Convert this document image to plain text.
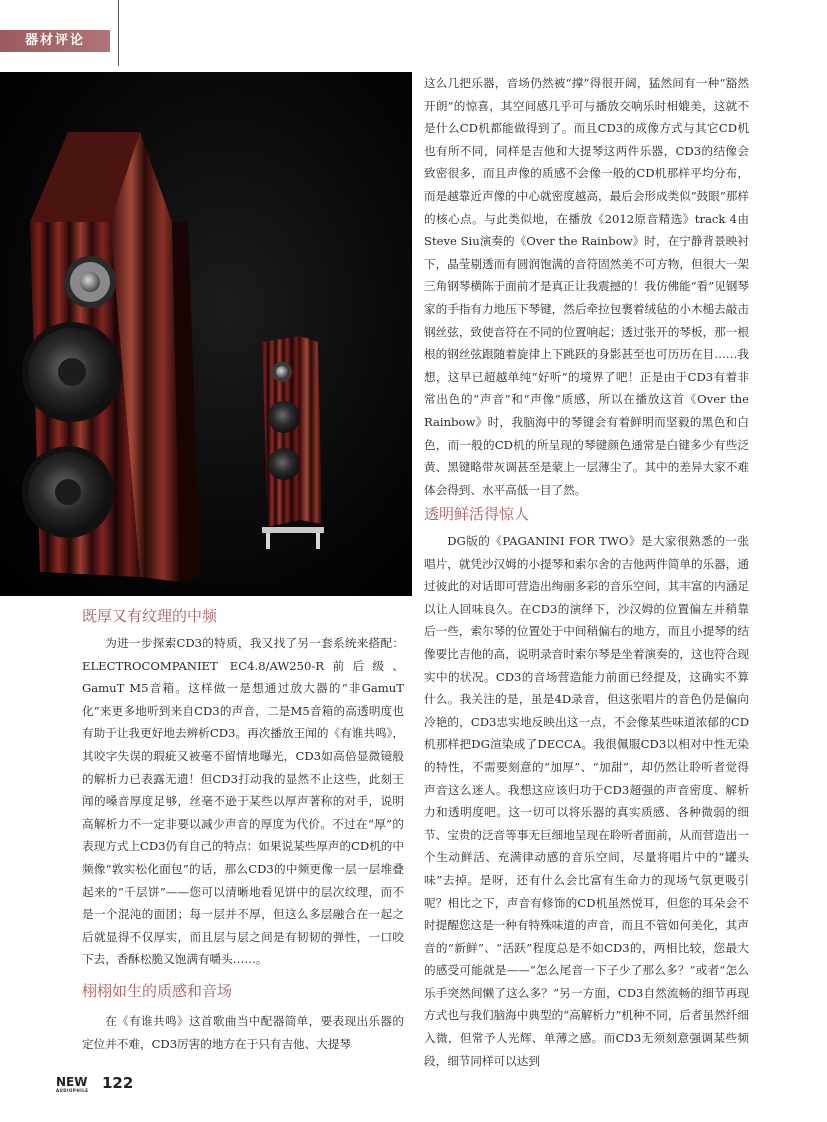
器材评论
既厚又有纹理的中频

为进一步探索CD3的特质，我又找了另一套系统来搭配：ELECTROCOMPANIET EC4.8/AW250-R前后级、GamuT M5音箱。这样做一是想通过放大器的“非GamuT化”来更多地听到来自CD3的声音，二是M5音箱的高透明度也有助于让我更好地去辨析CD3。再次播放王闻的《有谁共鸣》，其咬字失误的瑕疵又被毫不留情地曝光，CD3如高倍显微镜般的解析力已表露无遗！但CD3打动我的显然不止这些，此刻王闻的嗓音厚度足够，丝毫不逊于某些以厚声著称的对手，说明高解析力不一定非要以减少声音的厚度为代价。不过在“厚”的表现方式上CD3仍有自己的特点：如果说某些厚声的CD机的中频像“敦实松化面包”的话，那么CD3的中频更像一层一层堆叠起来的“千层饼”——您可以清晰地看见饼中的层次纹理，而不是一个混沌的面团；每一层并不厚，但这么多层融合在一起之后就显得不仅厚实，而且层与层之间是有韧韧的弹性，一口咬下去，香酥松脆又饱满有嚼头……。

栩栩如生的质感和音场

在《有谁共鸣》这首歌曲当中配器简单，要表现出乐器的定位并不难，CD3厉害的地方在于只有吉他、大提琴

这么几把乐器，音场仍然被“撑”得很开阔，猛然间有一种“豁然开朗”的惊喜，其空间感几乎可与播放交响乐时相媲美，这就不是什么CD机都能做得到了。而且CD3的成像方式与其它CD机也有所不同，同样是吉他和大提琴这两件乐器，CD3的结像会致密很多，而且声像的质感不会像一般的CD机那样平均分布，而是越靠近声像的中心就密度越高，最后会形成类似“鼓眼”那样的核心点。与此类似地，在播放《2012原音精选》track 4由Steve Siu演奏的《Over the Rainbow》时，在宁静背景映衬下，晶莹剔透而有圆润饱满的音符固然美不可方物，但很大一架三角钢琴横陈于面前才是真正让我震撼的！我仿佛能“看”见钢琴家的手指有力地压下琴键，然后牵拉包裹着绒毡的小木槌去敲击钢丝弦，致使音符在不同的位置响起；透过张开的琴板，那一根根的钢丝弦跟随着旋律上下跳跃的身影甚至也可历历在目……我想，这早已超越单纯“好听”的境界了吧！正是由于CD3有着非常出色的“声音”和“声像”质感，所以在播放这首《Over the Rainbow》时，我脑海中的琴键会有着鲜明而坚毅的黑色和白色，而一般的CD机的所呈现的琴键颜色通常是白键多少有些泛黄、黑键略带灰调甚至是蒙上一层薄尘了。其中的差异大家不难体会得到、水平高低一目了然。

透明鲜活得惊人

DG版的《PAGANINI FOR TWO》是大家很熟悉的一张唱片，就凭沙汉姆的小提琴和索尔舍的吉他两件简单的乐器，通过彼此的对话即可营造出绚丽多彩的音乐空间，其丰富的内涵足以让人回味良久。在CD3的演绎下，沙汉姆的位置偏左并稍靠后一些，索尔琴的位置处于中间稍偏右的地方，而且小提琴的结像要比吉他的高，说明录音时索尔琴是坐着演奏的，这也符合现实中的状况。CD3的音场营造能力前面已经提及，这确实不算什么。我关注的是，虽是4D录音，但这张唱片的音色仍是偏向冷艳的，CD3忠实地反映出这一点，不会像某些味道浓郁的CD机那样把DG渲染成了DECCA。我很佩服CD3以相对中性无染的特性，不需要刻意的“加厚”、“加甜”，却仍然让聆听者觉得声音这么迷人。我想这应该归功于CD3超强的声音密度、解析力和透明度吧。这一切可以将乐器的真实质感、各种微弱的细节、宝贵的泛音等事无巨细地呈现在聆听者面前，从而营造出一个生动鲜活、充满律动感的音乐空间，尽量将唱片中的“罐头味”去掉。是呀，还有什么会比富有生命力的现场气氛更吸引呢？相比之下，声音有修饰的CD机虽然悦耳，但您的耳朵会不时提醒您这是一种有特殊味道的声音，而且不管如何美化，其声音的“新鲜”、“活跃”程度总是不如CD3的，两相比较，您最大的感受可能就是——“怎么尾音一下子少了那么多？”或者“怎么乐手突然间懒了这么多？”另一方面，CD3自然流畅的细节再现方式也与我们脑海中典型的“高解析力”机种不同，后者虽然纤细入微，但常予人光辉、单薄之感。而CD3无须刻意强调某些频段，细节同样可以达到

NEW
AUDIOPHILE 122
